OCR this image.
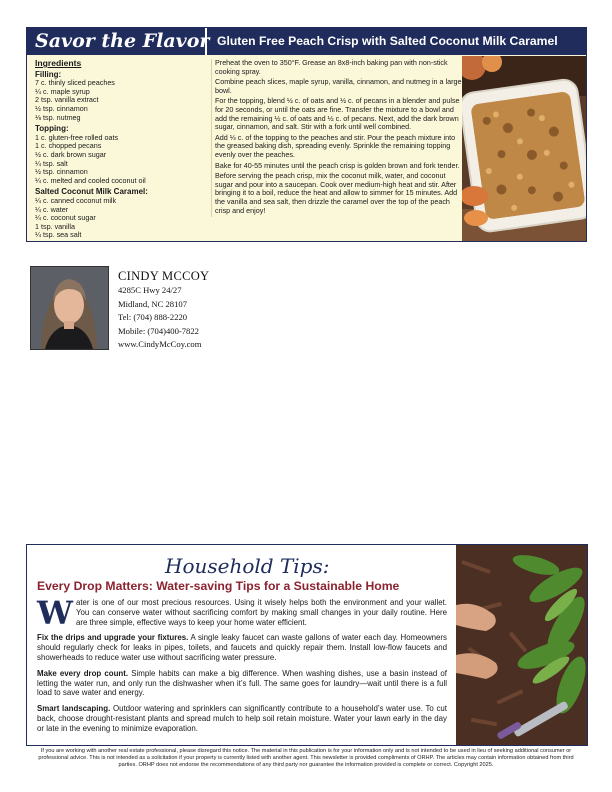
Savor the Flavor Gluten Free Peach Crisp with Salted Coconut Milk Caramel
Ingredients
Filling:
7 c. thinly sliced peaches
¼ c. maple syrup
2 tsp. vanilla extract
½ tsp. cinnamon
⅛ tsp. nutmeg
Topping:
1 c. gluten-free rolled oats
1 c. chopped pecans
½ c. dark brown sugar
¼ tsp. salt
½ tsp. cinnamon
¼ c. melted and cooled coconut oil
Salted Coconut Milk Caramel:
¼ c. canned coconut milk
¼ c. water
¼ c. coconut sugar
1 tsp. vanilla
¼ tsp. sea salt

Preheat the oven to 350°F. Grease an 8x8-inch baking pan with non-stick cooking spray.

Combine peach slices, maple syrup, vanilla, cinnamon, and nutmeg in a large bowl.

For the topping, blend ½ c. of oats and ½ c. of pecans in a blender and pulse for 20 seconds, or until the oats are fine. Transfer the mixture to a bowl and add the remaining ½ c. of oats and ½ c. of pecans. Next, add the dark brown sugar, cinnamon, and salt. Stir with a fork until well combined.

Add ⅓ c. of the topping to the peaches and stir. Pour the peach mixture into the greased baking dish, spreading evenly. Sprinkle the remaining topping evenly over the peaches.

Bake for 40-55 minutes until the peach crisp is golden brown and fork tender.

Before serving the peach crisp, mix the coconut milk, water, and coconut sugar and pour into a saucepan. Cook over medium-high heat and stir. After bringing it to a boil, reduce the heat and allow to simmer for 15 minutes. Add the vanilla and sea salt, then drizzle the caramel over the top of the peach crisp and enjoy!

CINDY MCCOY
4285C Hwy 24/27
Midland, NC 28107
Tel: (704) 888-2220
Mobile: (704)400-7822
www.CindyMcCoy.com
Household Tips:
Every Drop Matters: Water-saving Tips for a Sustainable Home

Water is one of our most precious resources. Using it wisely helps both the environment and your wallet. You can conserve water without sacrificing comfort by making small changes in your daily routine. Here are three simple, effective ways to keep your home water efficient.

Fix the drips and upgrade your fixtures. A single leaky faucet can waste gallons of water each day. Homeowners should regularly check for leaks in pipes, toilets, and faucets and quickly repair them. Install low-flow faucets and showerheads to reduce water use without sacrificing water pressure.

Make every drop count. Simple habits can make a big difference. When washing dishes, use a basin instead of letting the water run, and only run the dishwasher when it’s full. The same goes for laundry—wait until there is a full load to save water and energy.

Smart landscaping. Outdoor watering and sprinklers can significantly contribute to a household’s water use. To cut back, choose drought-resistant plants and spread mulch to help soil retain moisture. Water your lawn early in the day or late in the evening to minimize evaporation.

If you are working with another real estate professional, please disregard this notice. The material in this publication is for your information only and is not intended to be used in lieu of seeking additional consumer or professional advice. This is not intended as a solicitation if your property is currently listed with another agent. This newsletter is provided compliments of ORHP. The articles may contain information obtained from third parties. ORHP does not endorse the recommendations of any third party nor guarantee the information provided is complete or correct. Copyright 2025.
